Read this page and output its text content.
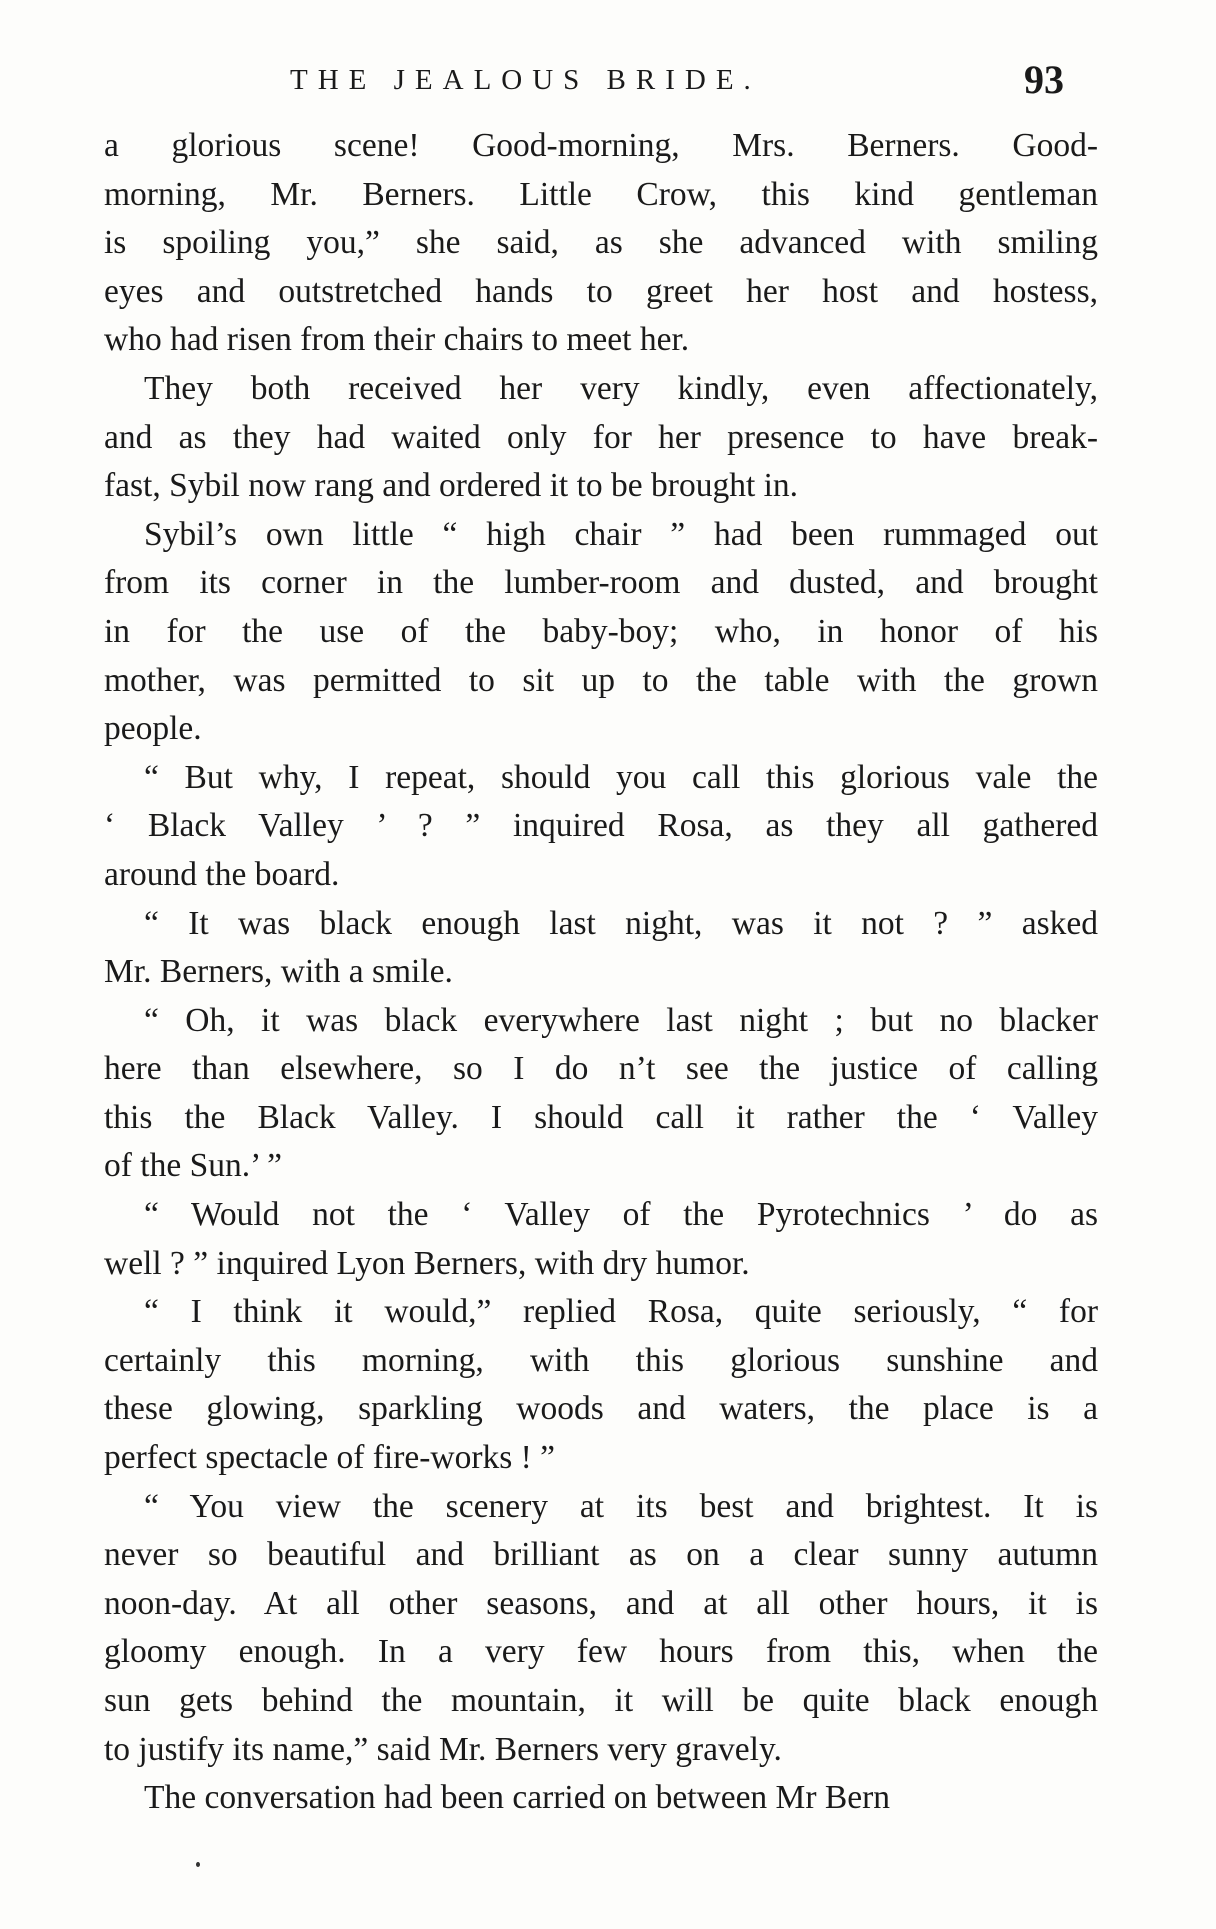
THE JEALOUS BRIDE.	93
a glorious scene! Good-morning, Mrs. Berners. Good-
morning, Mr. Berners. Little Crow, this kind gentleman
is spoiling you,” she said, as she advanced with smiling
eyes and outstretched hands to greet her host and hostess,
who had risen from their chairs to meet her.
They both received her very kindly, even affectionately,
and as they had waited only for her presence to have break-
fast, Sybil now rang and ordered it to be brought in.
Sybil’s own little “ high chair ” had been rummaged out
from its corner in the lumber-room and dusted, and brought
in for the use of the baby-boy; who, in honor of his
mother, was permitted to sit up to the table with the grown
people.
“ But why, I repeat, should you call this glorious vale the
‘ Black Valley ’ ? ” inquired Rosa, as they all gathered
around the board.
“ It was black enough last night, was it not ? ” asked
Mr. Berners, with a smile.
“ Oh, it was black everywhere last night ; but no blacker
here than elsewhere, so I do n’t see the justice of calling
this the Black Valley. I should call it rather the ‘ Valley
of the Sun.’ ”
“ Would not the ‘ Valley of the Pyrotechnics ’ do as
well ? ” inquired Lyon Berners, with dry humor.
“ I think it would,” replied Rosa, quite seriously, “ for
certainly this morning, with this glorious sunshine and
these glowing, sparkling woods and waters, the place is a
perfect spectacle of fire-works ! ”
“ You view the scenery at its best and brightest. It is
never so beautiful and brilliant as on a clear sunny autumn
noon-day. At all other seasons, and at all other hours, it is
gloomy enough. In a very few hours from this, when the
sun gets behind the mountain, it will be quite black enough
to justify its name,” said Mr. Berners very gravely.
The conversation had been carried on between Mr Bern
